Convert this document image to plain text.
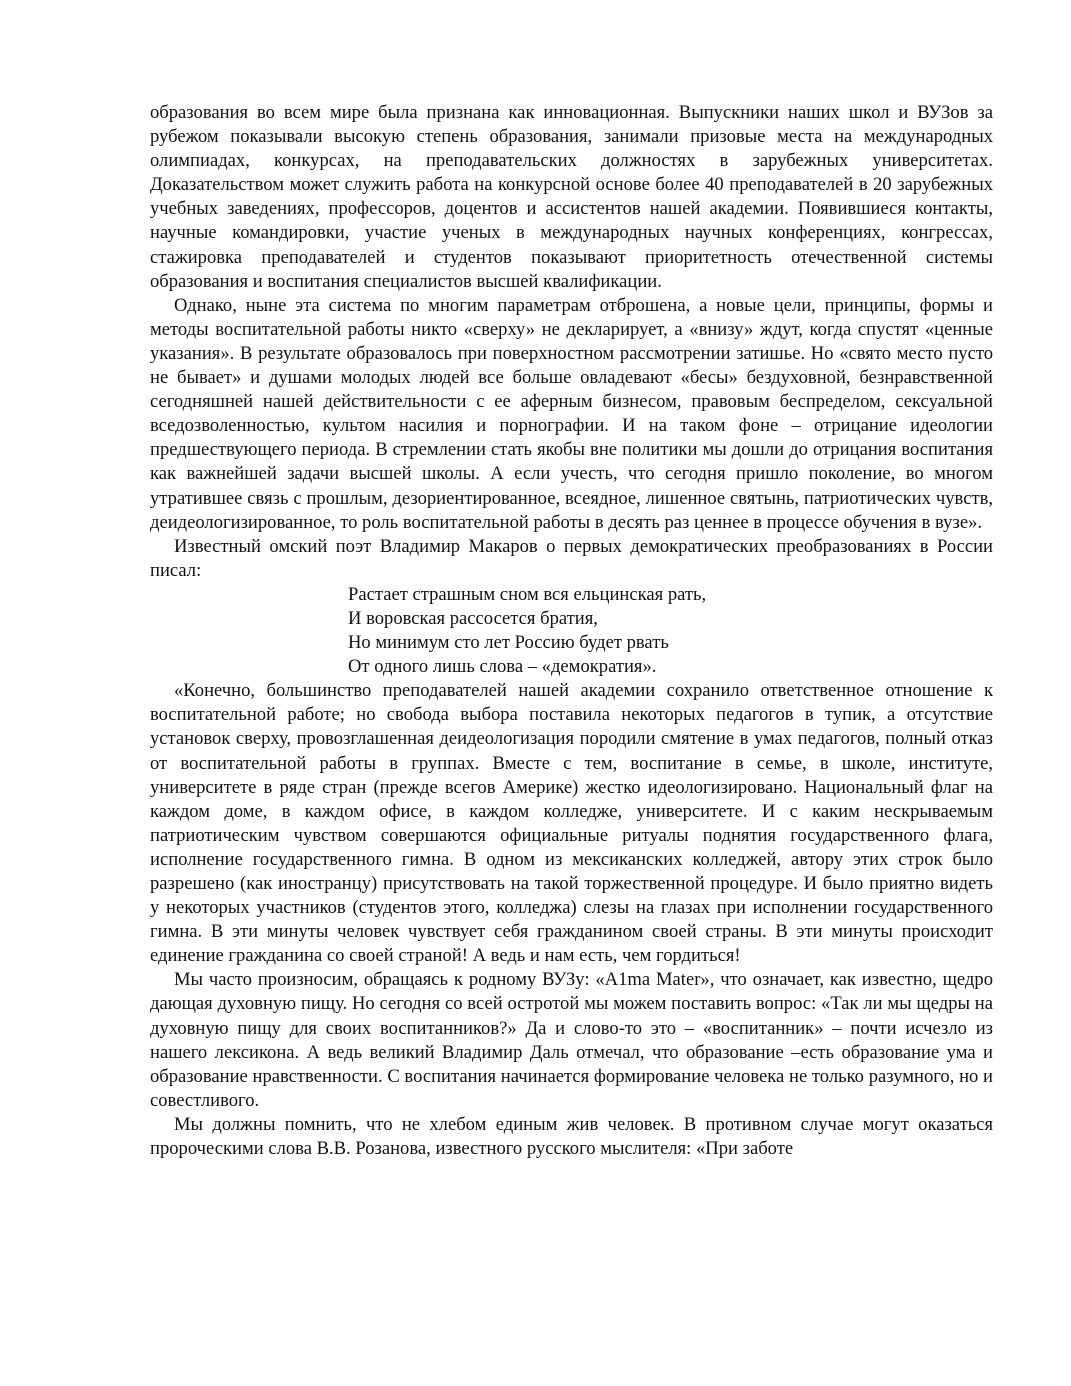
образования во всем мире была признана как инновационная. Выпускники наших школ и ВУЗов за рубежом показывали высокую степень образования, занимали призовые места на международных олимпиадах, конкурсах, на преподавательских должностях в зарубежных университетах. Доказательством может служить работа на конкурсной основе более 40 преподавателей в 20 зарубежных учебных заведениях, профессоров, доцентов и ассистентов нашей академии. Появившиеся контакты, научные командировки, участие ученых в международных научных конференциях, конгрессах, стажировка преподавателей и студентов показывают приоритетность отечественной системы образования и воспитания специалистов высшей квалификации.

Однако, ныне эта система по многим параметрам отброшена, а новые цели, принципы, формы и методы воспитательной работы никто «сверху» не декларирует, а «внизу» ждут, когда спустят «ценные указания». В результате образовалось при поверхностном рассмотрении затишье. Но «свято место пусто не бывает» и душами молодых людей все больше овладевают «бесы» бездуховной, безнравственной сегодняшней нашей действительности с ее аферным бизнесом, правовым беспределом, сексуальной вседозволенностью, культом насилия и порнографии. И на таком фоне – отрицание идеологии предшествующего периода. В стремлении стать якобы вне политики мы дошли до отрицания воспитания как важнейшей задачи высшей школы. А если учесть, что сегодня пришло поколение, во многом утратившее связь с прошлым, дезориентированное, всеядное, лишенное святынь, патриотических чувств, деидеологизированное, то роль воспитательной работы в десять раз ценнее в процессе обучения в вузе».

Известный омский поэт Владимир Макаров о первых демократических преобразованиях в России писал:

Растает страшным сном вся ельцинская рать,
И воровская рассосется братия,
Но минимум сто лет Россию будет рвать
От одного лишь слова – «демократия».

«Конечно, большинство преподавателей нашей академии сохранило ответственное отношение к воспитательной работе; но свобода выбора поставила некоторых педагогов в тупик, а отсутствие установок сверху, провозглашенная деидеологизация породили смятение в умах педагогов, полный отказ от воспитательной работы в группах. Вместе с тем, воспитание в семье, в школе, институте, университете в ряде стран (прежде всегов Америке) жестко идеологизировано. Национальный флаг на каждом доме, в каждом офисе, в каждом колледже, университете. И с каким нескрываемым патриотическим чувством совершаются официальные ритуалы поднятия государственного флага, исполнение государственного гимна. В одном из мексиканских колледжей, автору этих строк было разрешено (как иностранцу) присутствовать на такой торжественной процедуре. И было приятно видеть у некоторых участников (студентов этого, колледжа) слезы на глазах при исполнении государственного гимна. В эти минуты человек чувствует себя гражданином своей страны. В эти минуты происходит единение гражданина со своей страной! А ведь и нам есть, чем гордиться!

Мы часто произносим, обращаясь к родному ВУЗу: «A1ma Mater», что означает, как известно, щедро дающая духовную пищу. Но сегодня со всей остротой мы можем поставить вопрос: «Так ли мы щедры на духовную пищу для своих воспитанников?» Да и слово-то это – «воспитанник» – почти исчезло из нашего лексикона. А ведь великий Владимир Даль отмечал, что образование –есть образование ума и образование нравственности. С воспитания начинается формирование человека не только разумного, но и совестливого.

Мы должны помнить, что не хлебом единым жив человек. В противном случае могут оказаться пророческими слова В.В. Розанова, известного русского мыслителя: «При заботе
